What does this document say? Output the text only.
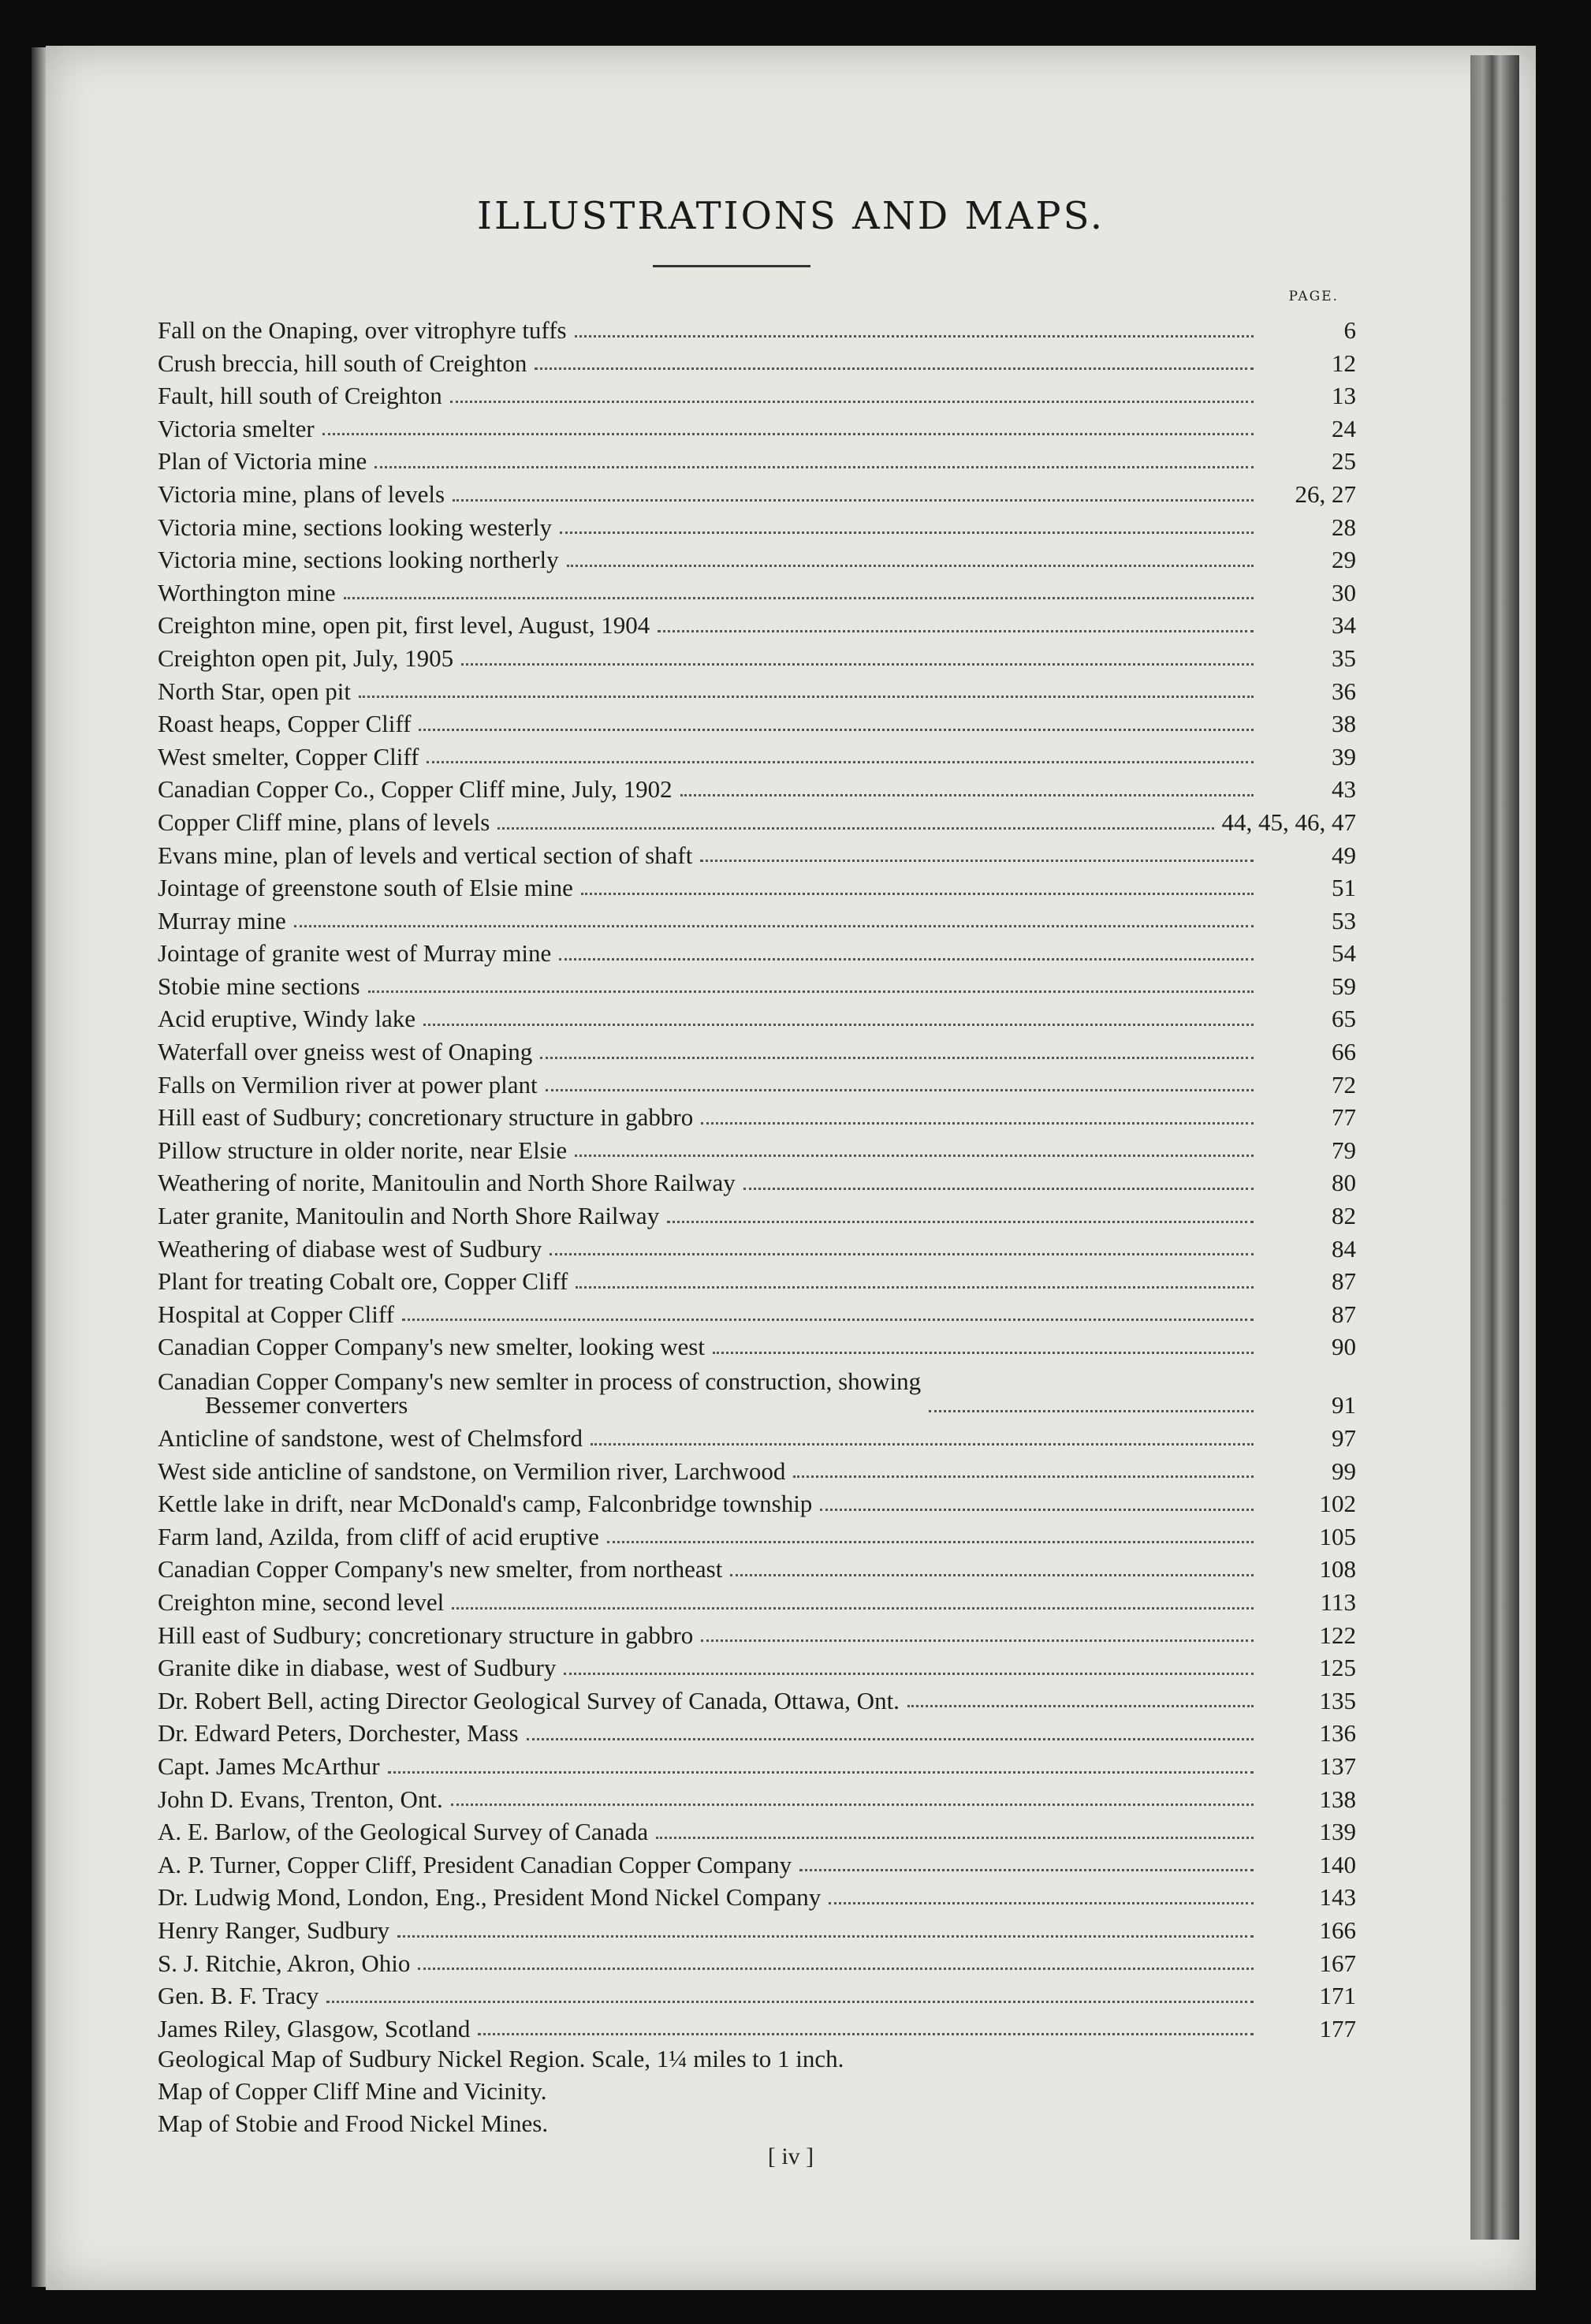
ILLUSTRATIONS AND MAPS.
PAGE.
Fall on the Onaping, over vitrophyre tuffs	6
Crush breccia, hill south of Creighton	12
Fault, hill south of Creighton	13
Victoria smelter	24
Plan of Victoria mine	25
Victoria mine, plans of levels	26, 27
Victoria mine, sections looking westerly	28
Victoria mine, sections looking northerly	29
Worthington mine	30
Creighton mine, open pit, first level, August, 1904	34
Creighton open pit, July, 1905	35
North Star, open pit	36
Roast heaps, Copper Cliff	38
West smelter, Copper Cliff	39
Canadian Copper Co., Copper Cliff mine, July, 1902	43
Copper Cliff mine, plans of levels	44, 45, 46, 47
Evans mine, plan of levels and vertical section of shaft	49
Jointage of greenstone south of Elsie mine	51
Murray mine	53
Jointage of granite west of Murray mine	54
Stobie mine sections	59
Acid eruptive, Windy lake	65
Waterfall over gneiss west of Onaping	66
Falls on Vermilion river at power plant	72
Hill east of Sudbury; concretionary structure in gabbro	77
Pillow structure in older norite, near Elsie	79
Weathering of norite, Manitoulin and North Shore Railway	80
Later granite, Manitoulin and North Shore Railway	82
Weathering of diabase west of Sudbury	84
Plant for treating Cobalt ore, Copper Cliff	87
Hospital at Copper Cliff	87
Canadian Copper Company's new smelter, looking west	90
Canadian Copper Company's new semlter in process of construction, showing
Bessemer converters	91
Anticline of sandstone, west of Chelmsford	97
West side anticline of sandstone, on Vermilion river, Larchwood	99
Kettle lake in drift, near McDonald's camp, Falconbridge township	102
Farm land, Azilda, from cliff of acid eruptive	105
Canadian Copper Company's new smelter, from northeast	108
Creighton mine, second level	113
Hill east of Sudbury; concretionary structure in gabbro	122
Granite dike in diabase, west of Sudbury	125
Dr. Robert Bell, acting Director Geological Survey of Canada, Ottawa, Ont.	135
Dr. Edward Peters, Dorchester, Mass	136
Capt. James McArthur	137
John D. Evans, Trenton, Ont.	138
A. E. Barlow, of the Geological Survey of Canada	139
A. P. Turner, Copper Cliff, President Canadian Copper Company	140
Dr. Ludwig Mond, London, Eng., President Mond Nickel Company	143
Henry Ranger, Sudbury	166
S. J. Ritchie, Akron, Ohio	167
Gen. B. F. Tracy	171
James Riley, Glasgow, Scotland	177
Geological Map of Sudbury Nickel Region. Scale, 1¼ miles to 1 inch.
Map of Copper Cliff Mine and Vicinity.
Map of Stobie and Frood Nickel Mines.
[ iv ]
